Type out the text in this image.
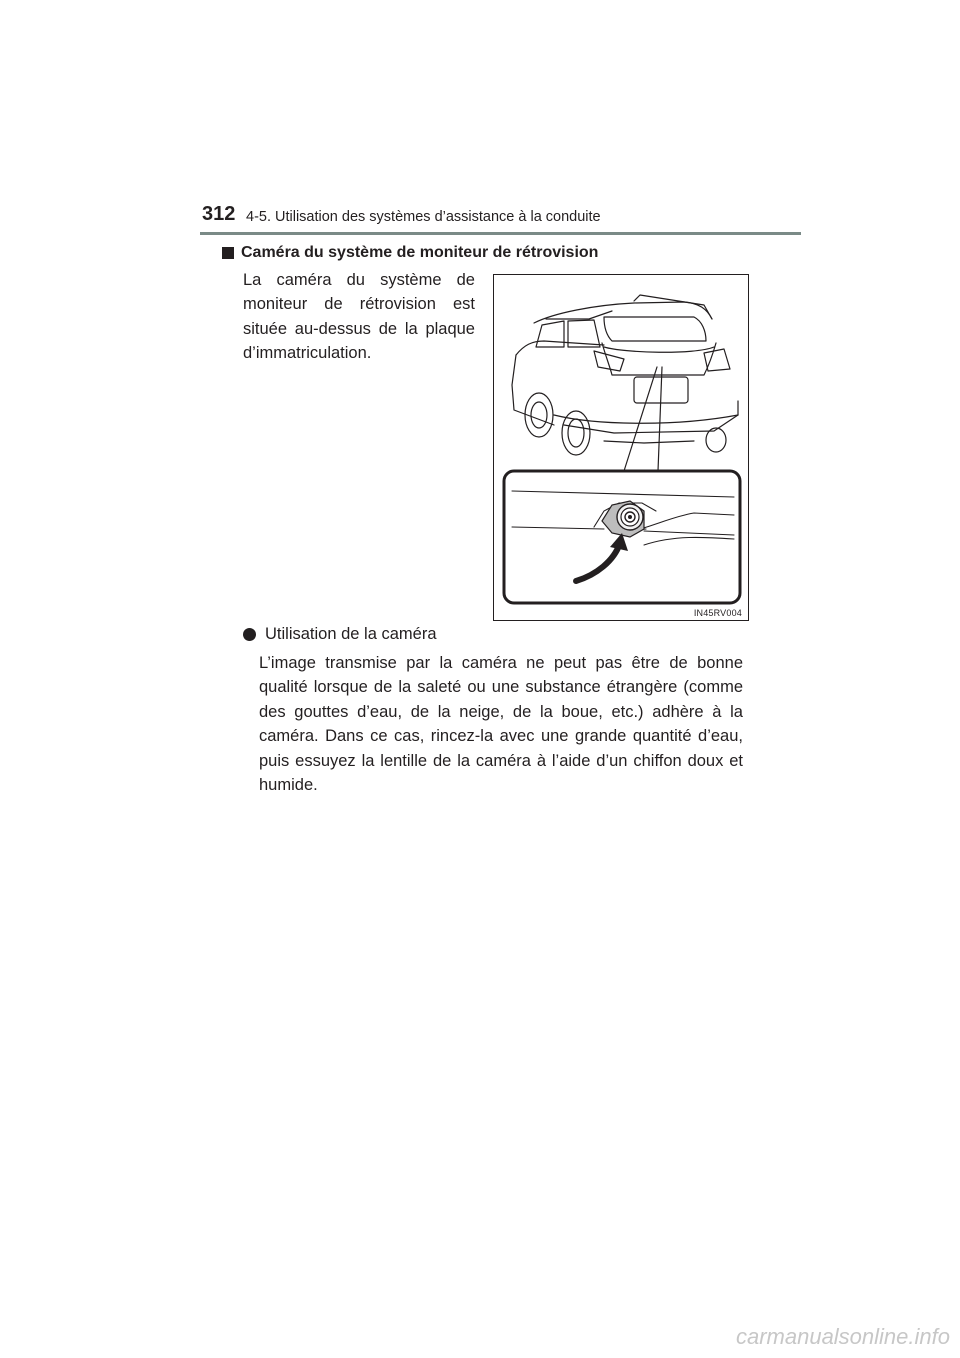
312 4-5. Utilisation des systèmes d’assistance à la conduite
Caméra du système de moniteur de rétrovision
La caméra du système de moniteur de rétrovision est située au-dessus de la plaque d’immatriculation.
IN45RV004
Utilisation de la caméra
L’image transmise par la caméra ne peut pas être de bonne qualité lorsque de la saleté ou une substance étrangère (comme des gouttes d’eau, de la neige, de la boue, etc.) adhère à la caméra. Dans ce cas, rincez-la avec une grande quantité d’eau, puis essuyez la lentille de la caméra à l’aide d’un chiffon doux et humide.
carmanualsonline.info
